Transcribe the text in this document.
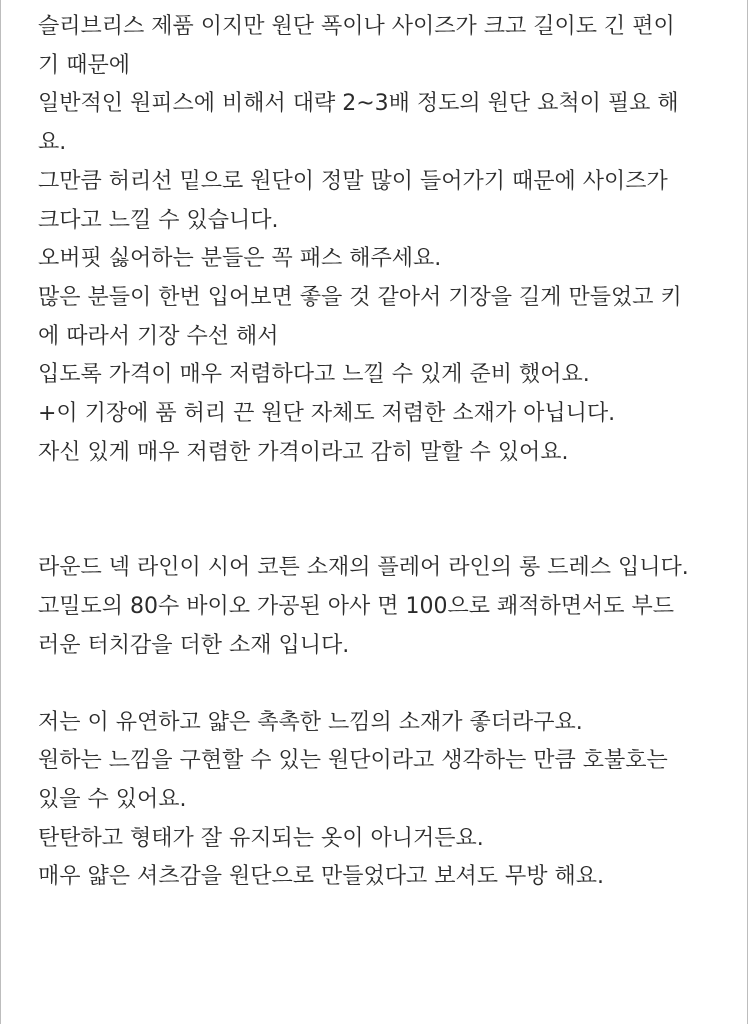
슬리브리스 제품 이지만 원단 폭이나 사이즈가 크고 길이도 긴 편이
기 때문에
일반적인 원피스에 비해서 대략 2~3배 정도의 원단 요척이 필요 해
요.
그만큼 허리선 밑으로 원단이 정말 많이 들어가기 때문에 사이즈가
크다고 느낄 수 있습니다.
오버핏 싫어하는 분들은 꼭 패스 해주세요.
많은 분들이 한번 입어보면 좋을 것 같아서 기장을 길게 만들었고 키
에 따라서 기장 수선 해서
입도록 가격이 매우 저렴하다고 느낄 수 있게 준비 했어요.
+이 기장에 품 허리 끈 원단 자체도 저렴한 소재가 아닙니다.
자신 있게 매우 저렴한 가격이라고 감히 말할 수 있어요.
라운드 넥 라인이 시어 코튼 소재의 플레어 라인의 롱 드레스 입니다.
고밀도의 80수 바이오 가공된 아사 면 100으로 쾌적하면서도 부드
러운 터치감을 더한 소재 입니다.
저는 이 유연하고 얇은 촉촉한 느낌의 소재가 좋더라구요.
원하는 느낌을 구현할 수 있는 원단이라고 생각하는 만큼 호불호는
있을 수 있어요.
탄탄하고 형태가 잘 유지되는 옷이 아니거든요.
매우 얇은 셔츠감을 원단으로 만들었다고 보셔도 무방 해요.
